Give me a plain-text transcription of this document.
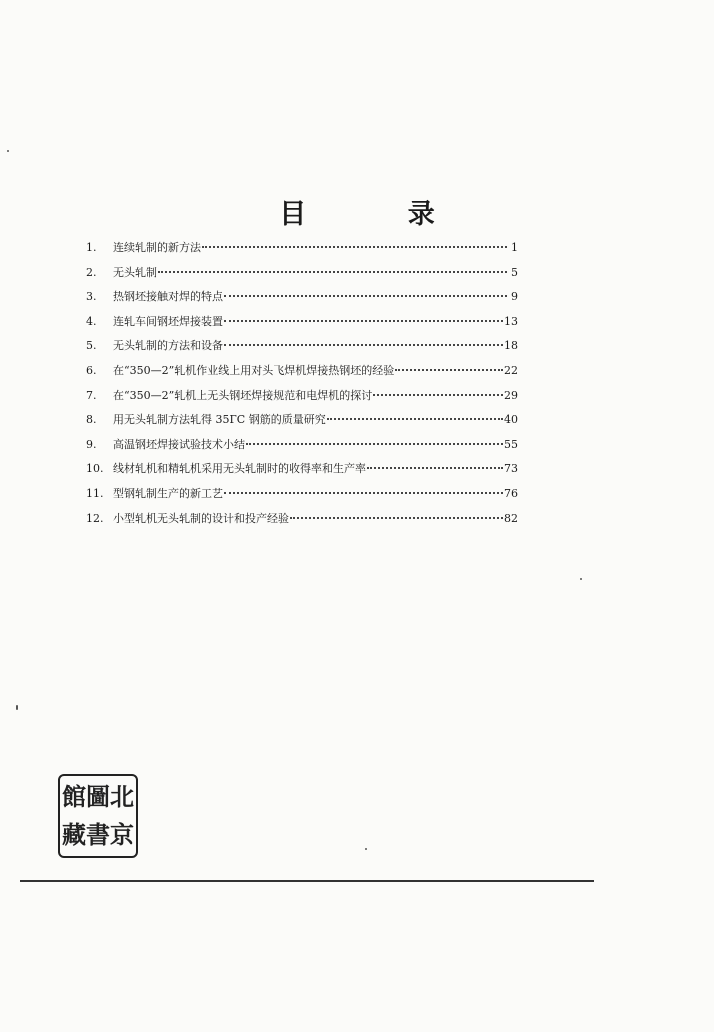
目 录
1.	连续轧制的新方法	1
2.	无头轧制	5
3.	热钢坯接触对焊的特点	9
4.	连轧车间钢坯焊接装置	13
5.	无头轧制的方法和设备	18
6.	在“350—2”轧机作业线上用对头飞焊机焊接热钢坯的经验	22
7.	在“350—2”轧机上无头钢坯焊接规范和电焊机的探讨	29
8.	用无头轧制方法轧得 35ГС 钢筋的质量研究	40
9.	高温钢坯焊接试验技术小结	55
10. 线材轧机和精轧机采用无头轧制时的收得率和生产率	73
11. 型钢轧制生产的新工艺	76
12. 小型轧机无头轧制的设计和投产经验	82
館 圖 北
藏 書 京
